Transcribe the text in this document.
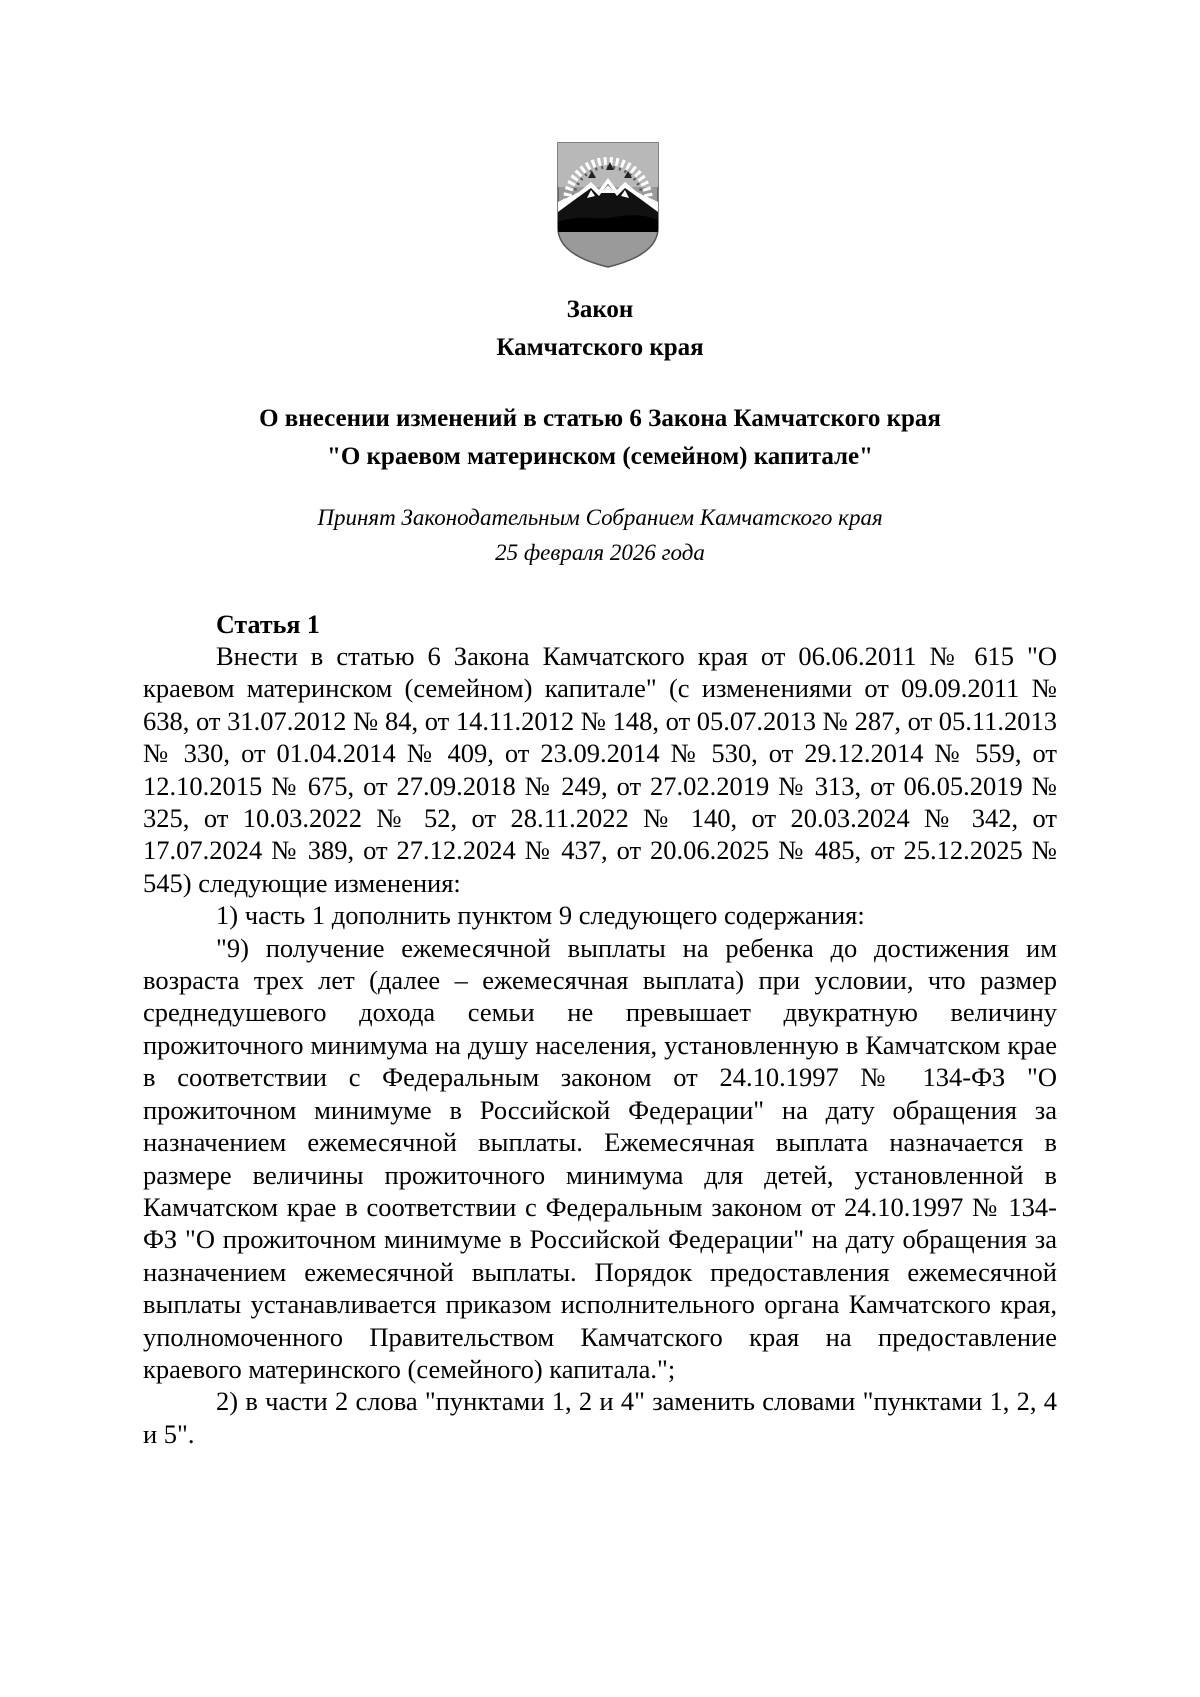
Закон
Камчатского края
О внесении изменений в статью 6 Закона Камчатского края
"О краевом материнском (семейном) капитале"
Принят Законодательным Собранием Камчатского края
25 февраля 2026 года
Статья 1

Внести в статью 6 Закона Камчатского края от 06.06.2011 № 615 "О краевом материнском (семейном) капитале" (с изменениями от 09.09.2011 № 638, от 31.07.2012 № 84, от 14.11.2012 № 148, от 05.07.2013 № 287, от 05.11.2013 № 330, от 01.04.2014 № 409, от 23.09.2014 № 530, от 29.12.2014 № 559, от 12.10.2015 № 675, от 27.09.2018 № 249, от 27.02.2019 № 313, от 06.05.2019 № 325, от 10.03.2022 № 52, от 28.11.2022 № 140, от 20.03.2024 № 342, от 17.07.2024 № 389, от 27.12.2024 № 437, от 20.06.2025 № 485, от 25.12.2025 № 545) следующие изменения:

1) часть 1 дополнить пунктом 9 следующего содержания:

"9) получение ежемесячной выплаты на ребенка до достижения им возраста трех лет (далее – ежемесячная выплата) при условии, что размер среднедушевого дохода семьи не превышает двукратную величину прожиточного минимума на душу населения, установленную в Камчатском крае в соответствии с Федеральным законом от 24.10.1997 № 134-ФЗ "О прожиточном минимуме в Российской Федерации" на дату обращения за назначением ежемесячной выплаты. Ежемесячная выплата назначается в размере величины прожиточного минимума для детей, установленной в Камчатском крае в соответствии с Федеральным законом от 24.10.1997 № 134-ФЗ "О прожиточном минимуме в Российской Федерации" на дату обращения за назначением ежемесячной выплаты. Порядок предоставления ежемесячной выплаты устанавливается приказом исполнительного органа Камчатского края, уполномоченного Правительством Камчатского края на предоставление краевого материнского (семейного) капитала.";

2) в части 2 слова "пунктами 1, 2 и 4" заменить словами "пунктами 1, 2, 4 и 5".
